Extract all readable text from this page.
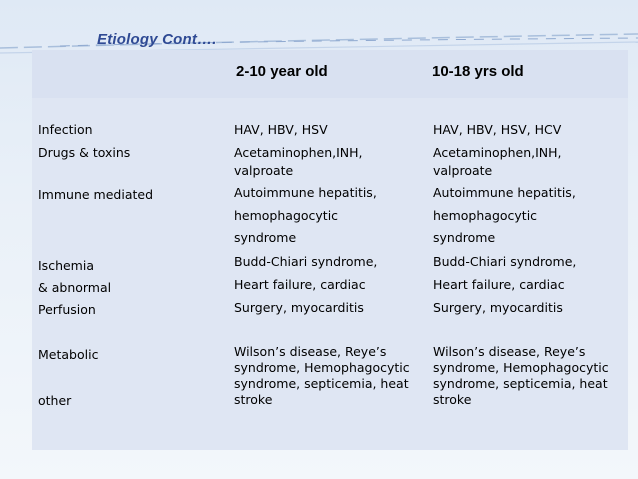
Etiology Cont….
2-10 year old	10-18 yrs old
Infection
Drugs & toxins
Immune mediated
Ischemia
& abnormal
Perfusion
Metabolic
other
HAV, HBV, HSV
Acetaminophen,INH,
valproate
Autoimmune hepatitis,
hemophagocytic
syndrome
Budd-Chiari syndrome,
Heart failure, cardiac
Surgery, myocarditis
Wilson’s disease, Reye’s
syndrome, Hemophagocytic
syndrome, septicemia, heat
stroke
HAV, HBV, HSV, HCV
Acetaminophen,INH,
valproate
Autoimmune hepatitis,
hemophagocytic
syndrome
Budd-Chiari syndrome,
Heart failure, cardiac
Surgery, myocarditis
Wilson’s disease, Reye’s
syndrome, Hemophagocytic
syndrome, septicemia, heat
stroke
